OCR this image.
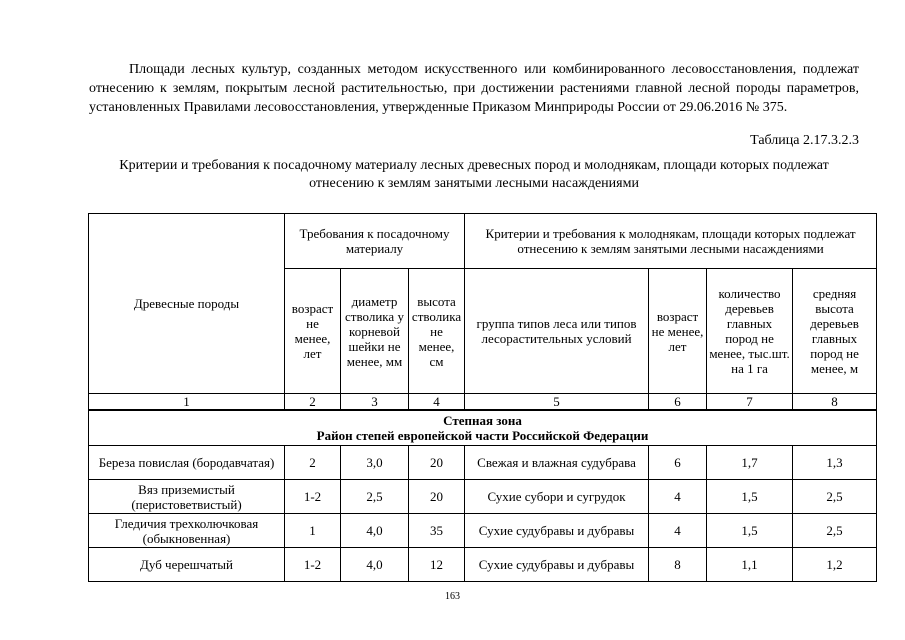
Площади лесных культур, созданных методом искусственного или комбинированного лесовосстановления, подлежат отнесению к землям, покрытым лесной растительностью, при достижении растениями главной лесной породы параметров, установленных Правилами лесовосстановления, утвержденные Приказом Минприроды России от 29.06.2016 № 375.

Таблица 2.17.3.2.3
Критерии и требования к посадочному материалу лесных древесных пород и молоднякам, площади которых подлежат отнесению к землям занятыми лесными насаждениями
Древесные породы	Требования к посадочному материалу			Критерии и требования к молоднякам, площади которых подлежат отнесению к землям занятыми лесными насаждениями			
	возраст не менее, лет	диаметр стволика у корневой шейки не менее, мм	высота стволика не менее, см	группа типов леса или типов лесорастительных условий	возраст не менее, лет	количество деревьев главных пород не менее, тыс.шт. на 1 га	средняя высота деревьев главных пород не менее, м
1	2	3	4	5	6	7	8

Степная зона
Район степей европейской части Российской Федерации							

Береза повислая (бородавчатая)	2	3,0	20	Свежая и влажная судубрава	6	1,7	1,3
Вяз приземистый (перистоветвистый)	1-2	2,5	20	Сухие субори и сугрудок	4	1,5	2,5
Гледичия трехколючковая (обыкновенная)	1	4,0	35	Сухие судубравы и дубравы	4	1,5	2,5
Дуб черешчатый	1-2	4,0	12	Сухие судубравы и дубравы	8	1,1	1,2
163
